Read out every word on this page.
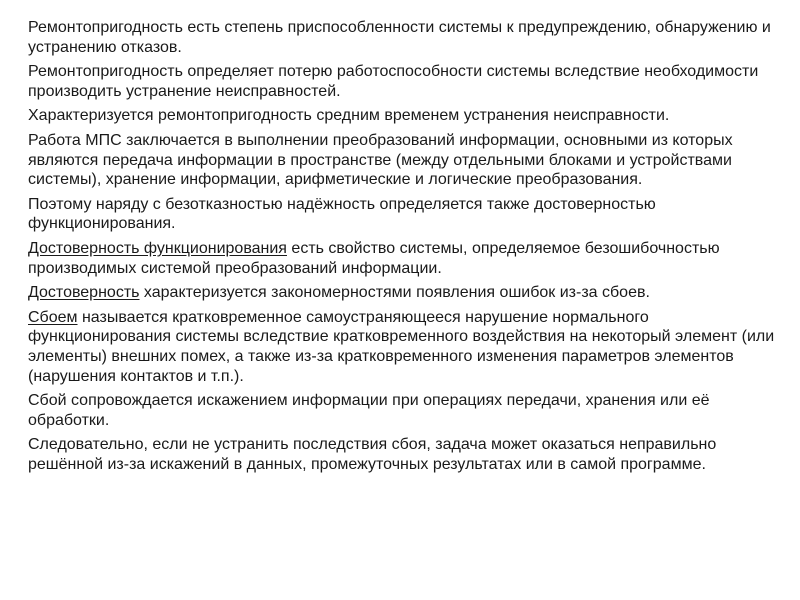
Ремонтопригодность есть степень приспособленности системы к предупреждению, обнаружению и устранению отказов.

Ремонтопригодность определяет потерю работоспособности системы вследствие необходимости производить устранение неисправностей.

Характеризуется ремонтопригодность средним временем устранения неисправности.

Работа МПС заключается в выполнении преобразований информации, основными из которых являются передача информации в пространстве (между отдельными блоками и устройствами системы), хранение информации, арифметические и логические преобразования.

Поэтому наряду с безотказностью надёжность определяется также достоверностью функционирования.

Достоверность функционирования есть свойство системы, определяемое безошибочностью производимых системой преобразований информации.

Достоверность характеризуется закономерностями появления ошибок из-за сбоев.

Сбоем называется кратковременное самоустраняющееся нарушение нормального функционирования системы вследствие кратковременного воздействия на некоторый элемент (или элементы) внешних помех, а также из-за кратковременного изменения параметров элементов (нарушения контактов и т.п.).

Сбой сопровождается искажением информации при операциях передачи, хранения или её обработки.

Следовательно, если не устранить последствия сбоя, задача может оказаться неправильно решённой из-за искажений в данных, промежуточных результатах или в самой программе.
